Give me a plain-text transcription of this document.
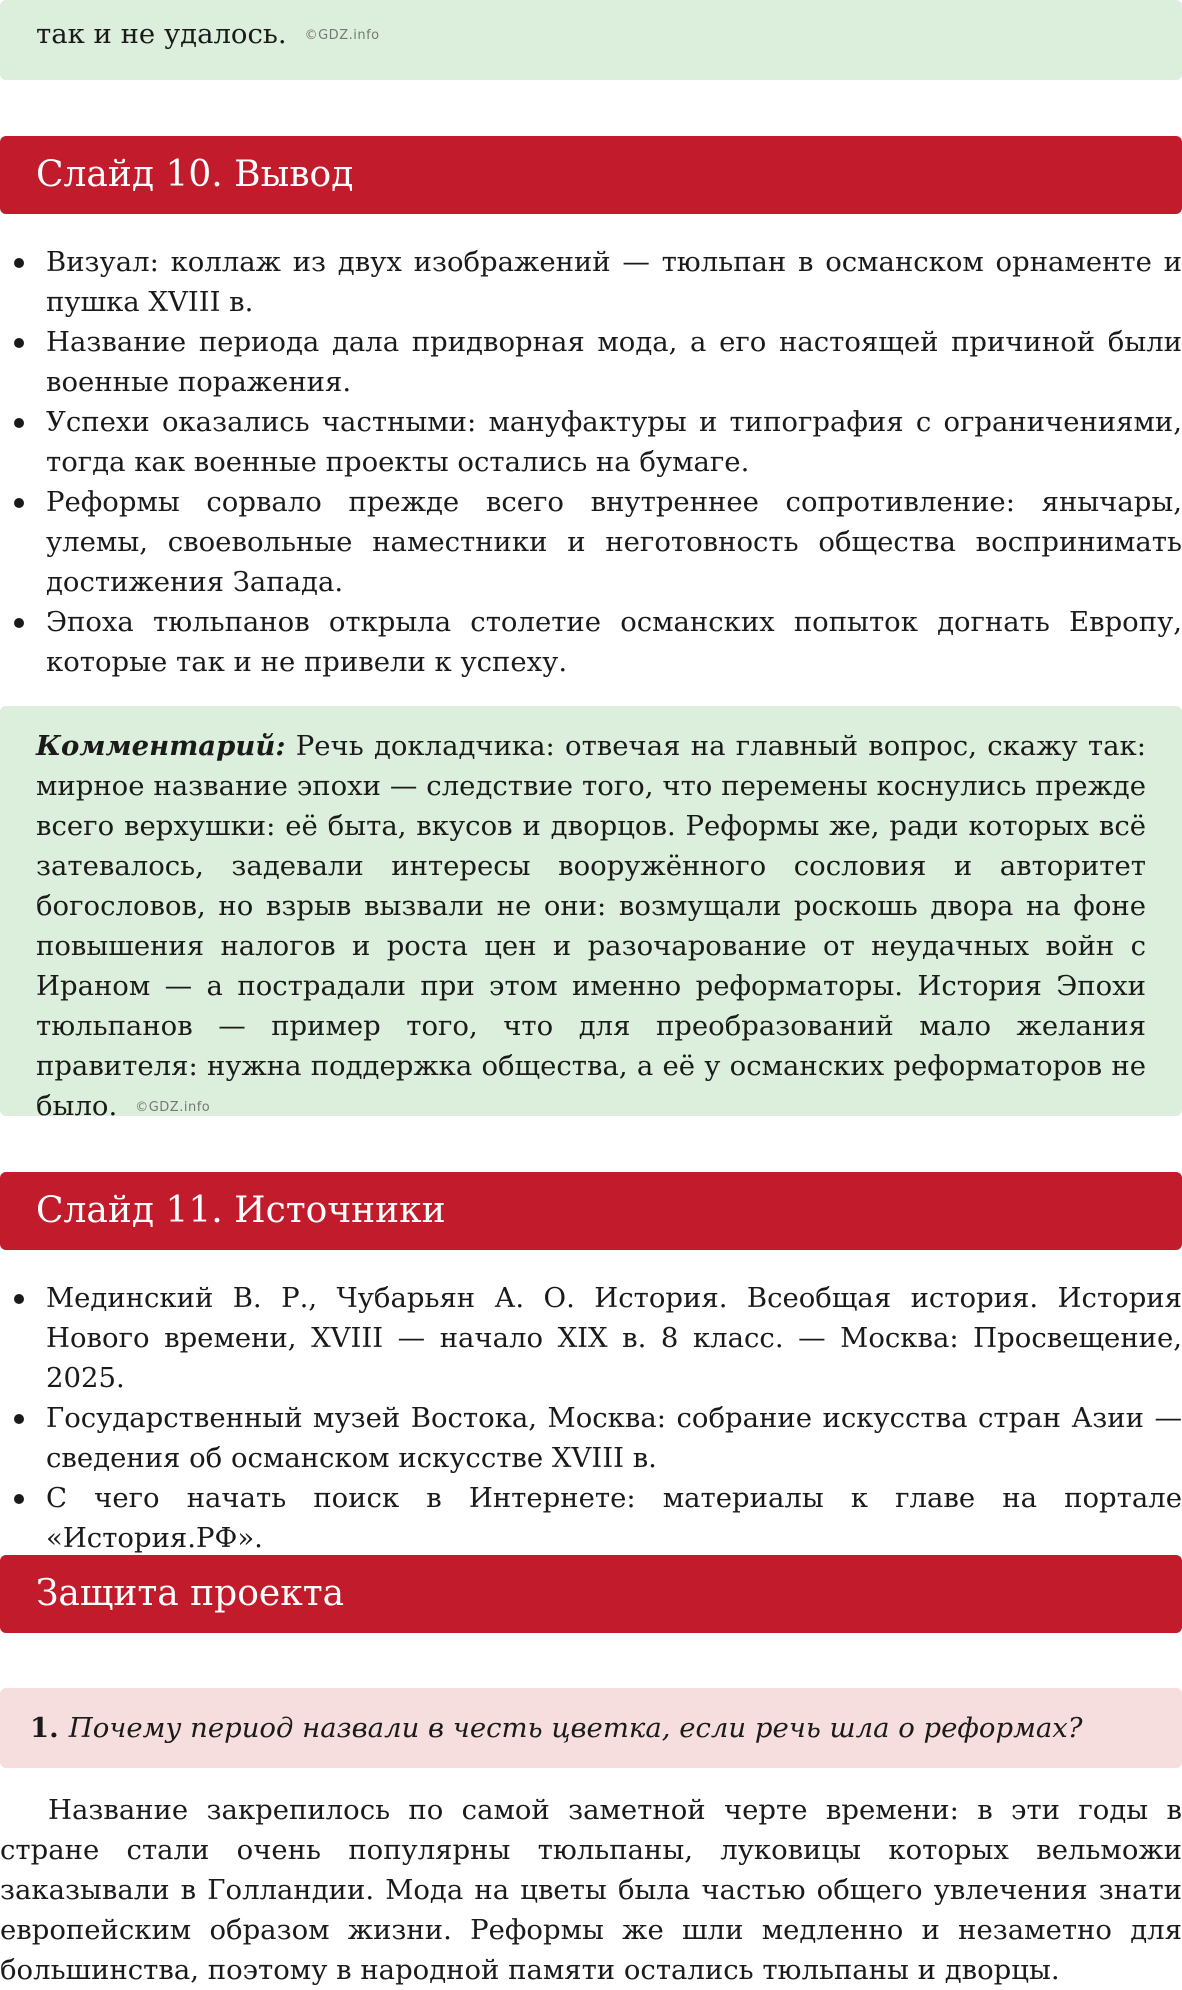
так и не удалось. ©GDZ.info
Слайд 10. Вывод
Визуал: коллаж из двух изображений — тюльпан в османском орнаменте и пушка XVIII в.
Название периода дала придворная мода, а его настоящей причиной были военные поражения.
Успехи оказались частными: мануфактуры и типография с ограничениями, тогда как военные проекты остались на бумаге.
Реформы сорвало прежде всего внутреннее сопротивление: янычары, улемы, своевольные наместники и неготовность общества воспринимать достижения Запада.
Эпоха тюльпанов открыла столетие османских попыток догнать Европу, которые так и не привели к успеху.
Комментарий: Речь докладчика: отвечая на главный вопрос, скажу так: мирное название эпохи — следствие того, что перемены коснулись прежде всего верхушки: её быта, вкусов и дворцов. Реформы же, ради которых всё затевалось, задевали интересы вооружённого сословия и авторитет богословов, но взрыв вызвали не они: возмущали роскошь двора на фоне повышения налогов и роста цен и разочарование от неудачных войн с Ираном — а пострадали при этом именно реформаторы. История Эпохи тюльпанов — пример того, что для преобразований мало желания правителя: нужна поддержка общества, а её у османских реформаторов не было. ©GDZ.info
Слайд 11. Источники
Мединский В. Р., Чубарьян А. О. История. Всеобщая история. История Нового времени, XVIII — начало XIX в. 8 класс. — Москва: Просвещение, 2025.
Государственный музей Востока, Москва: собрание искусства стран Азии — сведения об османском искусстве XVIII в.
С чего начать поиск в Интернете: материалы к главе на портале «История.РФ».
Защита проекта
1. Почему период назвали в честь цветка, если речь шла о реформах?
Название закрепилось по самой заметной черте времени: в эти годы в стране стали очень популярны тюльпаны, луковицы которых вельможи заказывали в Голландии. Мода на цветы была частью общего увлечения знати европейским образом жизни. Реформы же шли медленно и незаметно для большинства, поэтому в народной памяти остались тюльпаны и дворцы.
